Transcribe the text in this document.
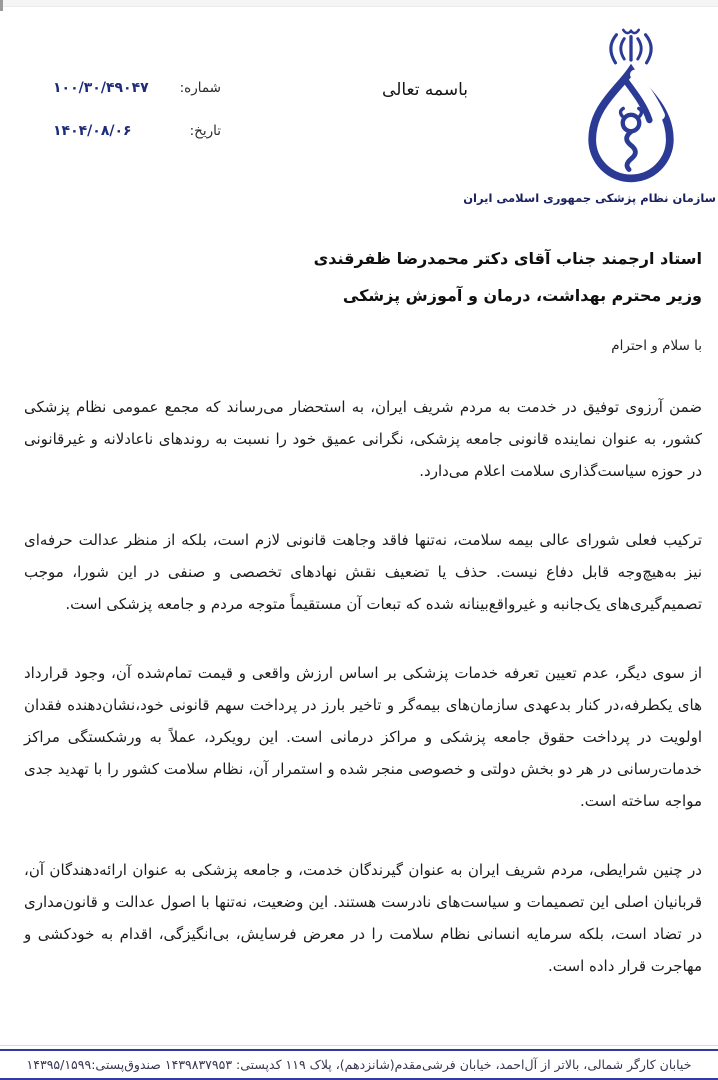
سازمان نظام پزشکی جمهوری اسلامی ایران
باسمه تعالی
شماره:
۱۰۰/۳۰/۴۹۰۴۷
تاریخ:
۱۴۰۴/۰۸/۰۶
استاد ارجمند جناب آقای دکتر محمدرضا ظفرقندی
وزیر محترم بهداشت، درمان و آموزش پزشکی
با سلام و احترام

ضمن آرزوی توفیق در خدمت به مردم شریف ایران، به استحضار می‌رساند که مجمع عمومی نظام پزشکی کشور، به عنوان نماینده قانونی جامعه پزشکی، نگرانی عمیق خود را نسبت به روندهای ناعادلانه و غیرقانونی در حوزه سیاست‌گذاری سلامت اعلام می‌دارد.

ترکیب فعلی شورای عالی بیمه سلامت، نه‌تنها فاقد وجاهت قانونی لازم است، بلکه از منظر عدالت حرفه‌ای نیز به‌هیچ‌وجه قابل دفاع نیست. حذف یا تضعیف نقش نهادهای تخصصی و صنفی در این شورا، موجب تصمیم‌گیری‌های یک‌جانبه و غیرواقع‌بینانه شده که تبعات آن مستقیماً متوجه مردم و جامعه پزشکی است.

از سوی دیگر، عدم تعیین تعرفه خدمات پزشکی بر اساس ارزش واقعی و قیمت تمام‌شده آن، وجود قرارداد های یکطرفه،در کنار بدعهدی سازمان‌های بیمه‌گر و تاخیر بارز در پرداخت سهم قانونی خود،نشان‌دهنده فقدان اولویت در پرداخت حقوق جامعه پزشکی و مراکز درمانی است. این رویکرد، عملاً به ورشکستگی مراکز خدمات‌رسانی در هر دو بخش دولتی و خصوصی منجر شده و استمرار آن، نظام سلامت کشور را با تهدید جدی مواجه ساخته است.

در چنین شرایطی، مردم شریف ایران به عنوان گیرندگان خدمت، و جامعه پزشکی به عنوان ارائه‌دهندگان آن، قربانیان اصلی این تصمیمات و سیاست‌های نادرست هستند. این وضعیت، نه‌تنها با اصول عدالت و قانون‌مداری در تضاد است، بلکه سرمایه انسانی نظام سلامت را در معرض فرسایش، بی‌انگیزگی، اقدام به خودکشی و مهاجرت قرار داده است.

خیابان کارگر شمالی، بالاتر از آل‌احمد، خیابان فرشی‌مقدم(شانزدهم)، پلاک ۱۱۹ کدپستی: ۱۴۳۹۸۳۷۹۵۳ صندوق‌پستی:۱۴۳۹۵/۱۵۹۹
